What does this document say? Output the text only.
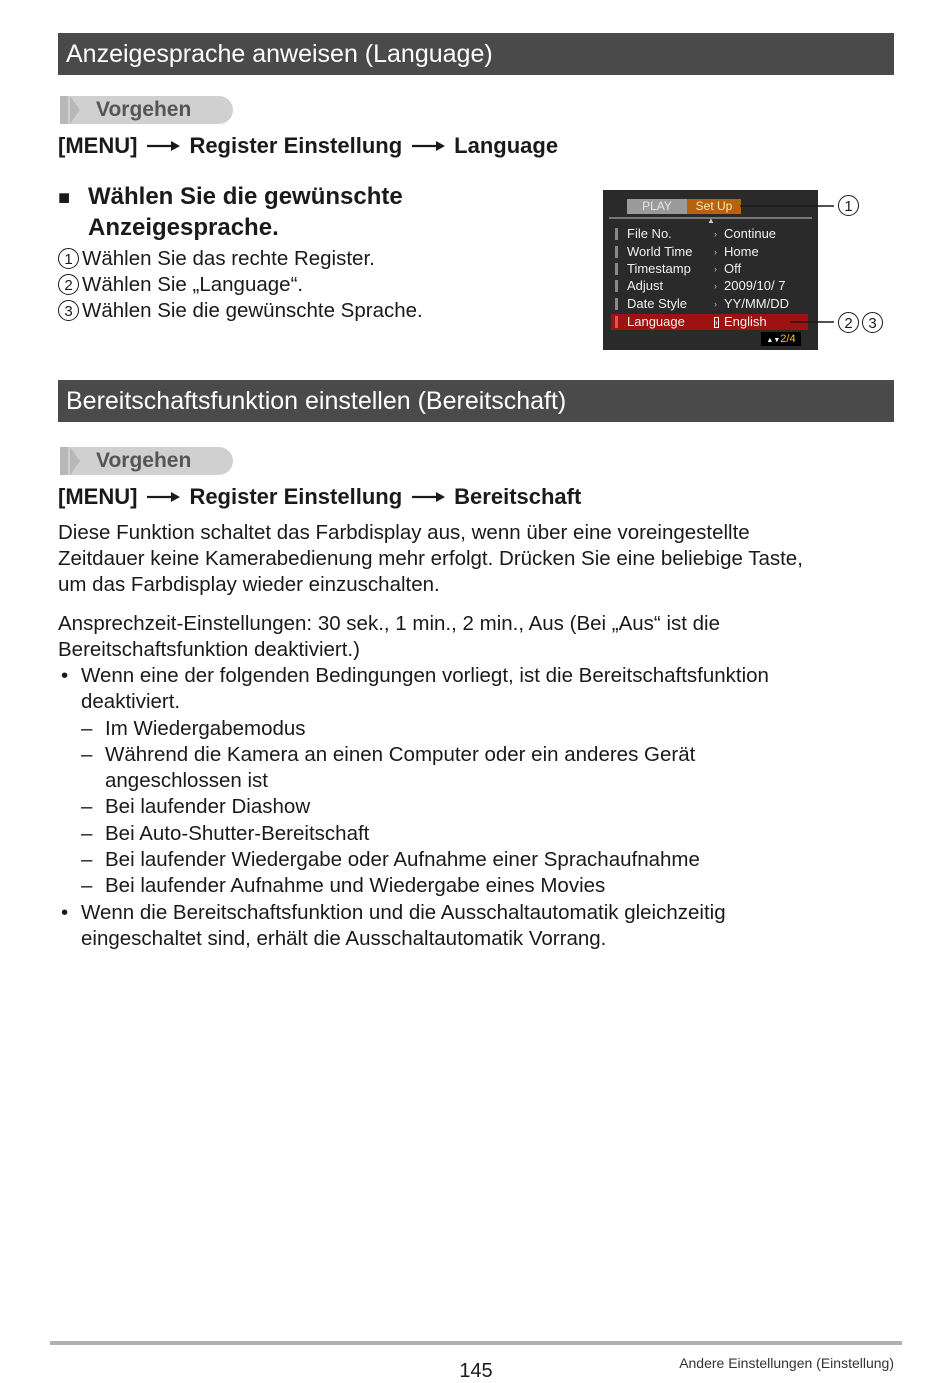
Anzeigesprache anweisen (Language)
Vorgehen
[MENU] Register Einstellung Language
■ Wählen Sie die gewünschte
Anzeigesprache.
1 Wählen Sie das rechte Register.
2 Wählen Sie „Language“.
3 Wählen Sie die gewünschte Sprache.
PLAY	Set Up
▲
File No.	› Continue
World Time › Home
Timestamp	› Off
Adjust	› 2009/10/ 7
Date Style	› YY/MM/DD
Language	› English
▲▼2/4
1
2 3
Bereitschaftsfunktion einstellen (Bereitschaft)
Vorgehen
[MENU] Register Einstellung Bereitschaft
Diese Funktion schaltet das Farbdisplay aus, wenn über eine voreingestellte
Zeitdauer keine Kamerabedienung mehr erfolgt. Drücken Sie eine beliebige Taste,
um das Farbdisplay wieder einzuschalten.
Ansprechzeit-Einstellungen: 30 sek., 1 min., 2 min., Aus (Bei „Aus“ ist die
Bereitschaftsfunktion deaktiviert.)
• Wenn eine der folgenden Bedingungen vorliegt, ist die Bereitschaftsfunktion
deaktiviert.
– Im Wiedergabemodus
– Während die Kamera an einen Computer oder ein anderes Gerät
angeschlossen ist
– Bei laufender Diashow
– Bei Auto-Shutter-Bereitschaft
– Bei laufender Wiedergabe oder Aufnahme einer Sprachaufnahme
– Bei laufender Aufnahme und Wiedergabe eines Movies
• Wenn die Bereitschaftsfunktion und die Ausschaltautomatik gleichzeitig
eingeschaltet sind, erhält die Ausschaltautomatik Vorrang.
145	Andere Einstellungen (Einstellung)
